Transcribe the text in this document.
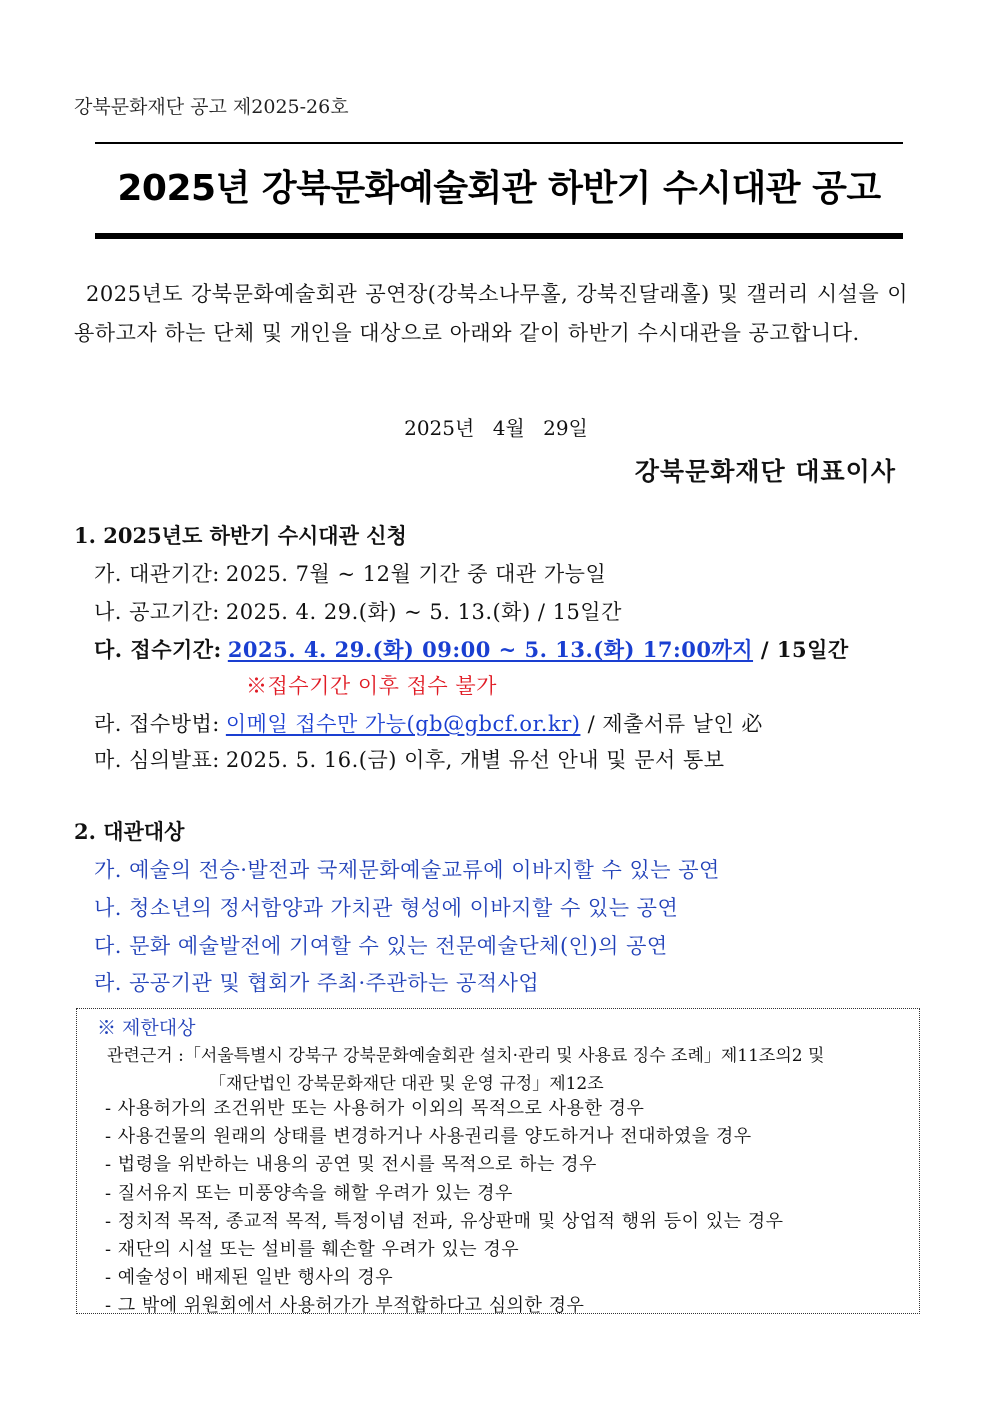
강북문화재단 공고 제2025-26호
2025년 강북문화예술회관 하반기 수시대관 공고
2025년도 강북문화예술회관 공연장(강북소나무홀, 강북진달래홀) 및 갤러리 시설을 이용하고자 하는 단체 및 개인을 대상으로 아래와 같이 하반기 수시대관을 공고합니다.
2025년 4월 29일
강북문화재단 대표이사
1. 2025년도 하반기 수시대관 신청
가. 대관기간: 2025. 7월 ~ 12월 기간 중 대관 가능일
나. 공고기간: 2025. 4. 29.(화) ~ 5. 13.(화) / 15일간
다. 접수기간: 2025. 4. 29.(화) 09:00 ~ 5. 13.(화) 17:00까지 / 15일간
※접수기간 이후 접수 불가
라. 접수방법: 이메일 접수만 가능(gb@gbcf.or.kr) / 제출서류 날인 必
마. 심의발표: 2025. 5. 16.(금) 이후, 개별 유선 안내 및 문서 통보
2. 대관대상
가. 예술의 전승·발전과 국제문화예술교류에 이바지할 수 있는 공연
나. 청소년의 정서함양과 가치관 형성에 이바지할 수 있는 공연
다. 문화 예술발전에 기여할 수 있는 전문예술단체(인)의 공연
라. 공공기관 및 협회가 주최·주관하는 공적사업
※ 제한대상
관련근거 :「서울특별시 강북구 강북문화예술회관 설치·관리 및 사용료 징수 조례」제11조의2 및
「재단법인 강북문화재단 대관 및 운영 규정」제12조
- 사용허가의 조건위반 또는 사용허가 이외의 목적으로 사용한 경우
- 사용건물의 원래의 상태를 변경하거나 사용권리를 양도하거나 전대하였을 경우
- 법령을 위반하는 내용의 공연 및 전시를 목적으로 하는 경우
- 질서유지 또는 미풍양속을 해할 우려가 있는 경우
- 정치적 목적, 종교적 목적, 특정이념 전파, 유상판매 및 상업적 행위 등이 있는 경우
- 재단의 시설 또는 설비를 훼손할 우려가 있는 경우
- 예술성이 배제된 일반 행사의 경우
- 그 밖에 위원회에서 사용허가가 부적합하다고 심의한 경우
